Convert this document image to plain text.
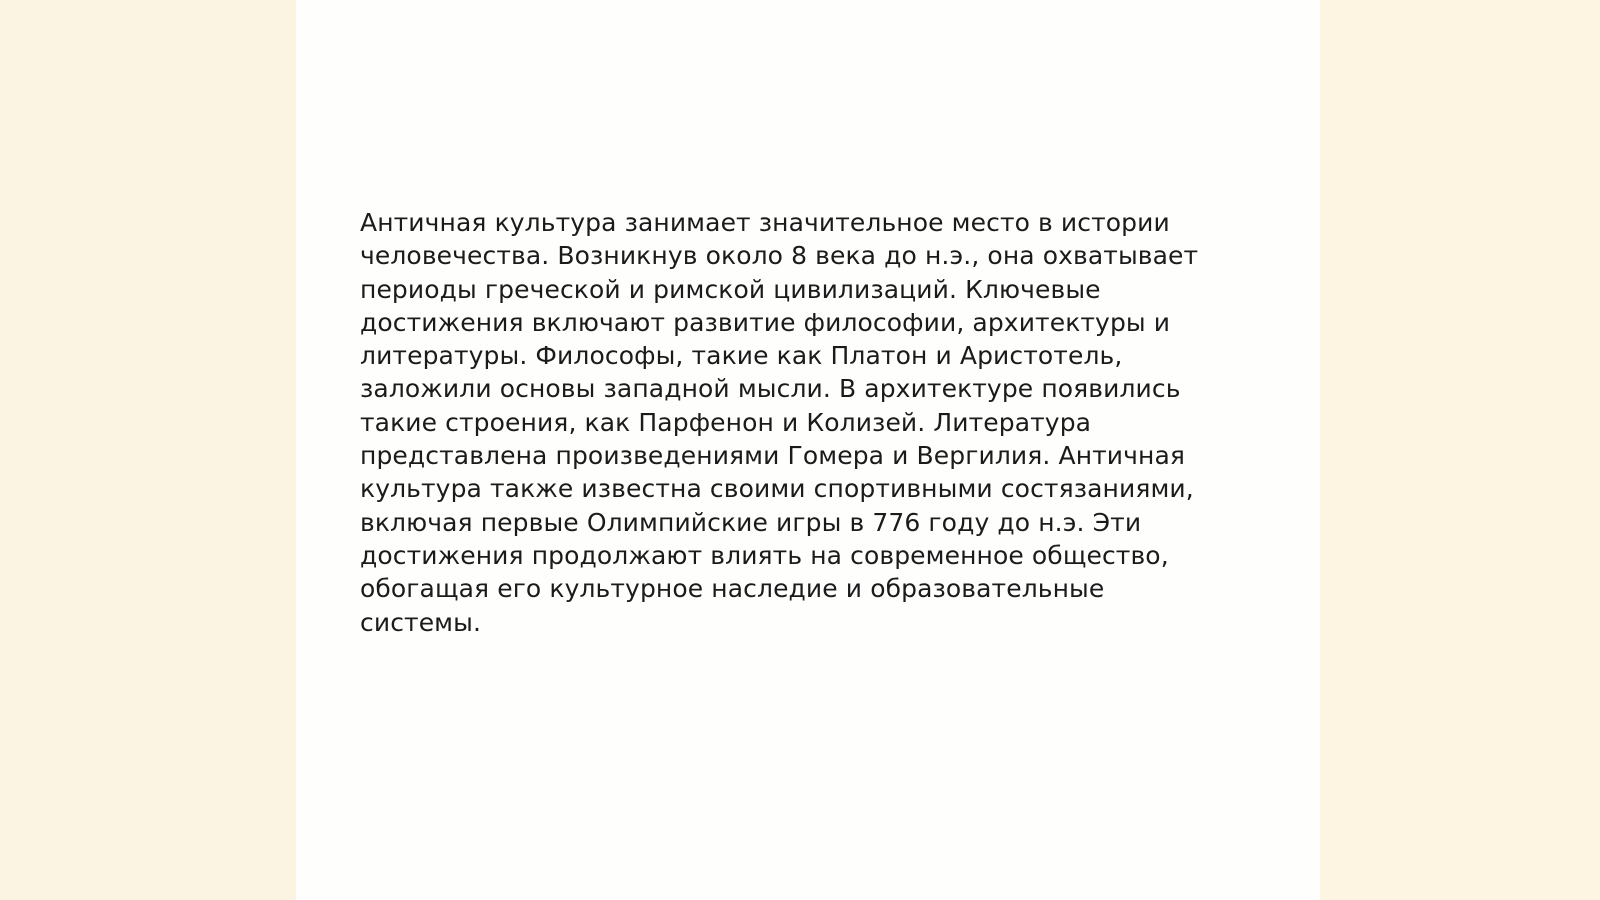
Античная культура занимает значительное место в истории
человечества. Возникнув около 8 века до н.э., она охватывает
периоды греческой и римской цивилизаций. Ключевые
достижения включают развитие философии, архитектуры и
литературы. Философы, такие как Платон и Аристотель,
заложили основы западной мысли. В архитектуре появились
такие строения, как Парфенон и Колизей. Литература
представлена произведениями Гомера и Вергилия. Античная
культура также известна своими спортивными состязаниями,
включая первые Олимпийские игры в 776 году до н.э. Эти
достижения продолжают влиять на современное общество,
обогащая его культурное наследие и образовательные
системы.
